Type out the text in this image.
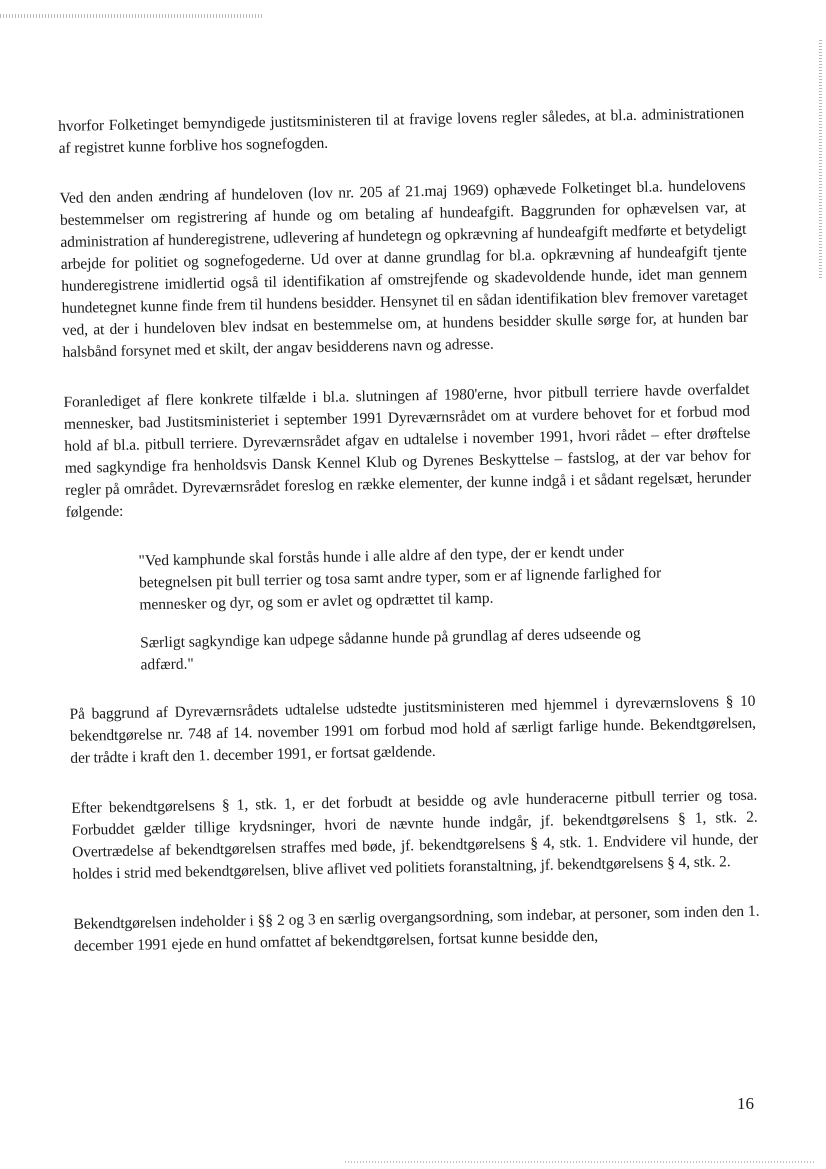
hvorfor Folketinget bemyndigede justitsministeren til at fravige lovens regler således, at bl.a. administrationen af registret kunne forblive hos sognefogden.

Ved den anden ændring af hundeloven (lov nr. 205 af 21.maj 1969) ophævede Folketinget bl.a. hundelovens bestemmelser om registrering af hunde og om betaling af hundeafgift. Baggrunden for ophævelsen var, at administration af hunderegistrene, udlevering af hundetegn og opkrævning af hundeafgift medførte et betydeligt arbejde for politiet og sognefogederne. Ud over at danne grundlag for bl.a. opkrævning af hundeafgift tjente hunderegistrene imidlertid også til identifikation af omstrejfende og skadevoldende hunde, idet man gennem hundetegnet kunne finde frem til hundens besidder. Hensynet til en sådan identifikation blev fremover varetaget ved, at der i hundeloven blev indsat en bestemmelse om, at hundens besidder skulle sørge for, at hunden bar halsbånd forsynet med et skilt, der angav besidderens navn og adresse.

Foranlediget af flere konkrete tilfælde i bl.a. slutningen af 1980'erne, hvor pitbull terriere havde overfaldet mennesker, bad Justitsministeriet i september 1991 Dyreværnsrådet om at vurdere behovet for et forbud mod hold af bl.a. pitbull terriere. Dyreværnsrådet afgav en udtalelse i november 1991, hvori rådet – efter drøftelse med sagkyndige fra henholdsvis Dansk Kennel Klub og Dyrenes Beskyttelse – fastslog, at der var behov for regler på området. Dyreværnsrådet foreslog en række elementer, der kunne indgå i et sådant regelsæt, herunder følgende:

"Ved kamphunde skal forstås hunde i alle aldre af den type, der er kendt under betegnelsen pit bull terrier og tosa samt andre typer, som er af lignende farlighed for mennesker og dyr, og som er avlet og opdrættet til kamp.

Særligt sagkyndige kan udpege sådanne hunde på grundlag af deres udseende og adfærd."

På baggrund af Dyreværnsrådets udtalelse udstedte justitsministeren med hjemmel i dyreværnslovens § 10 bekendtgørelse nr. 748 af 14. november 1991 om forbud mod hold af særligt farlige hunde. Bekendtgørelsen, der trådte i kraft den 1. december 1991, er fortsat gældende.

Efter bekendtgørelsens § 1, stk. 1, er det forbudt at besidde og avle hunderacerne pitbull terrier og tosa. Forbuddet gælder tillige krydsninger, hvori de nævnte hunde indgår, jf. bekendtgørelsens § 1, stk. 2. Overtrædelse af bekendtgørelsen straffes med bøde, jf. bekendtgørelsens § 4, stk. 1. Endvidere vil hunde, der holdes i strid med bekendtgørelsen, blive aflivet ved politiets foranstaltning, jf. bekendtgørelsens § 4, stk. 2.

Bekendtgørelsen indeholder i §§ 2 og 3 en særlig overgangsordning, som indebar, at personer, som inden den 1. december 1991 ejede en hund omfattet af bekendtgørelsen, fortsat kunne besidde den,

16
